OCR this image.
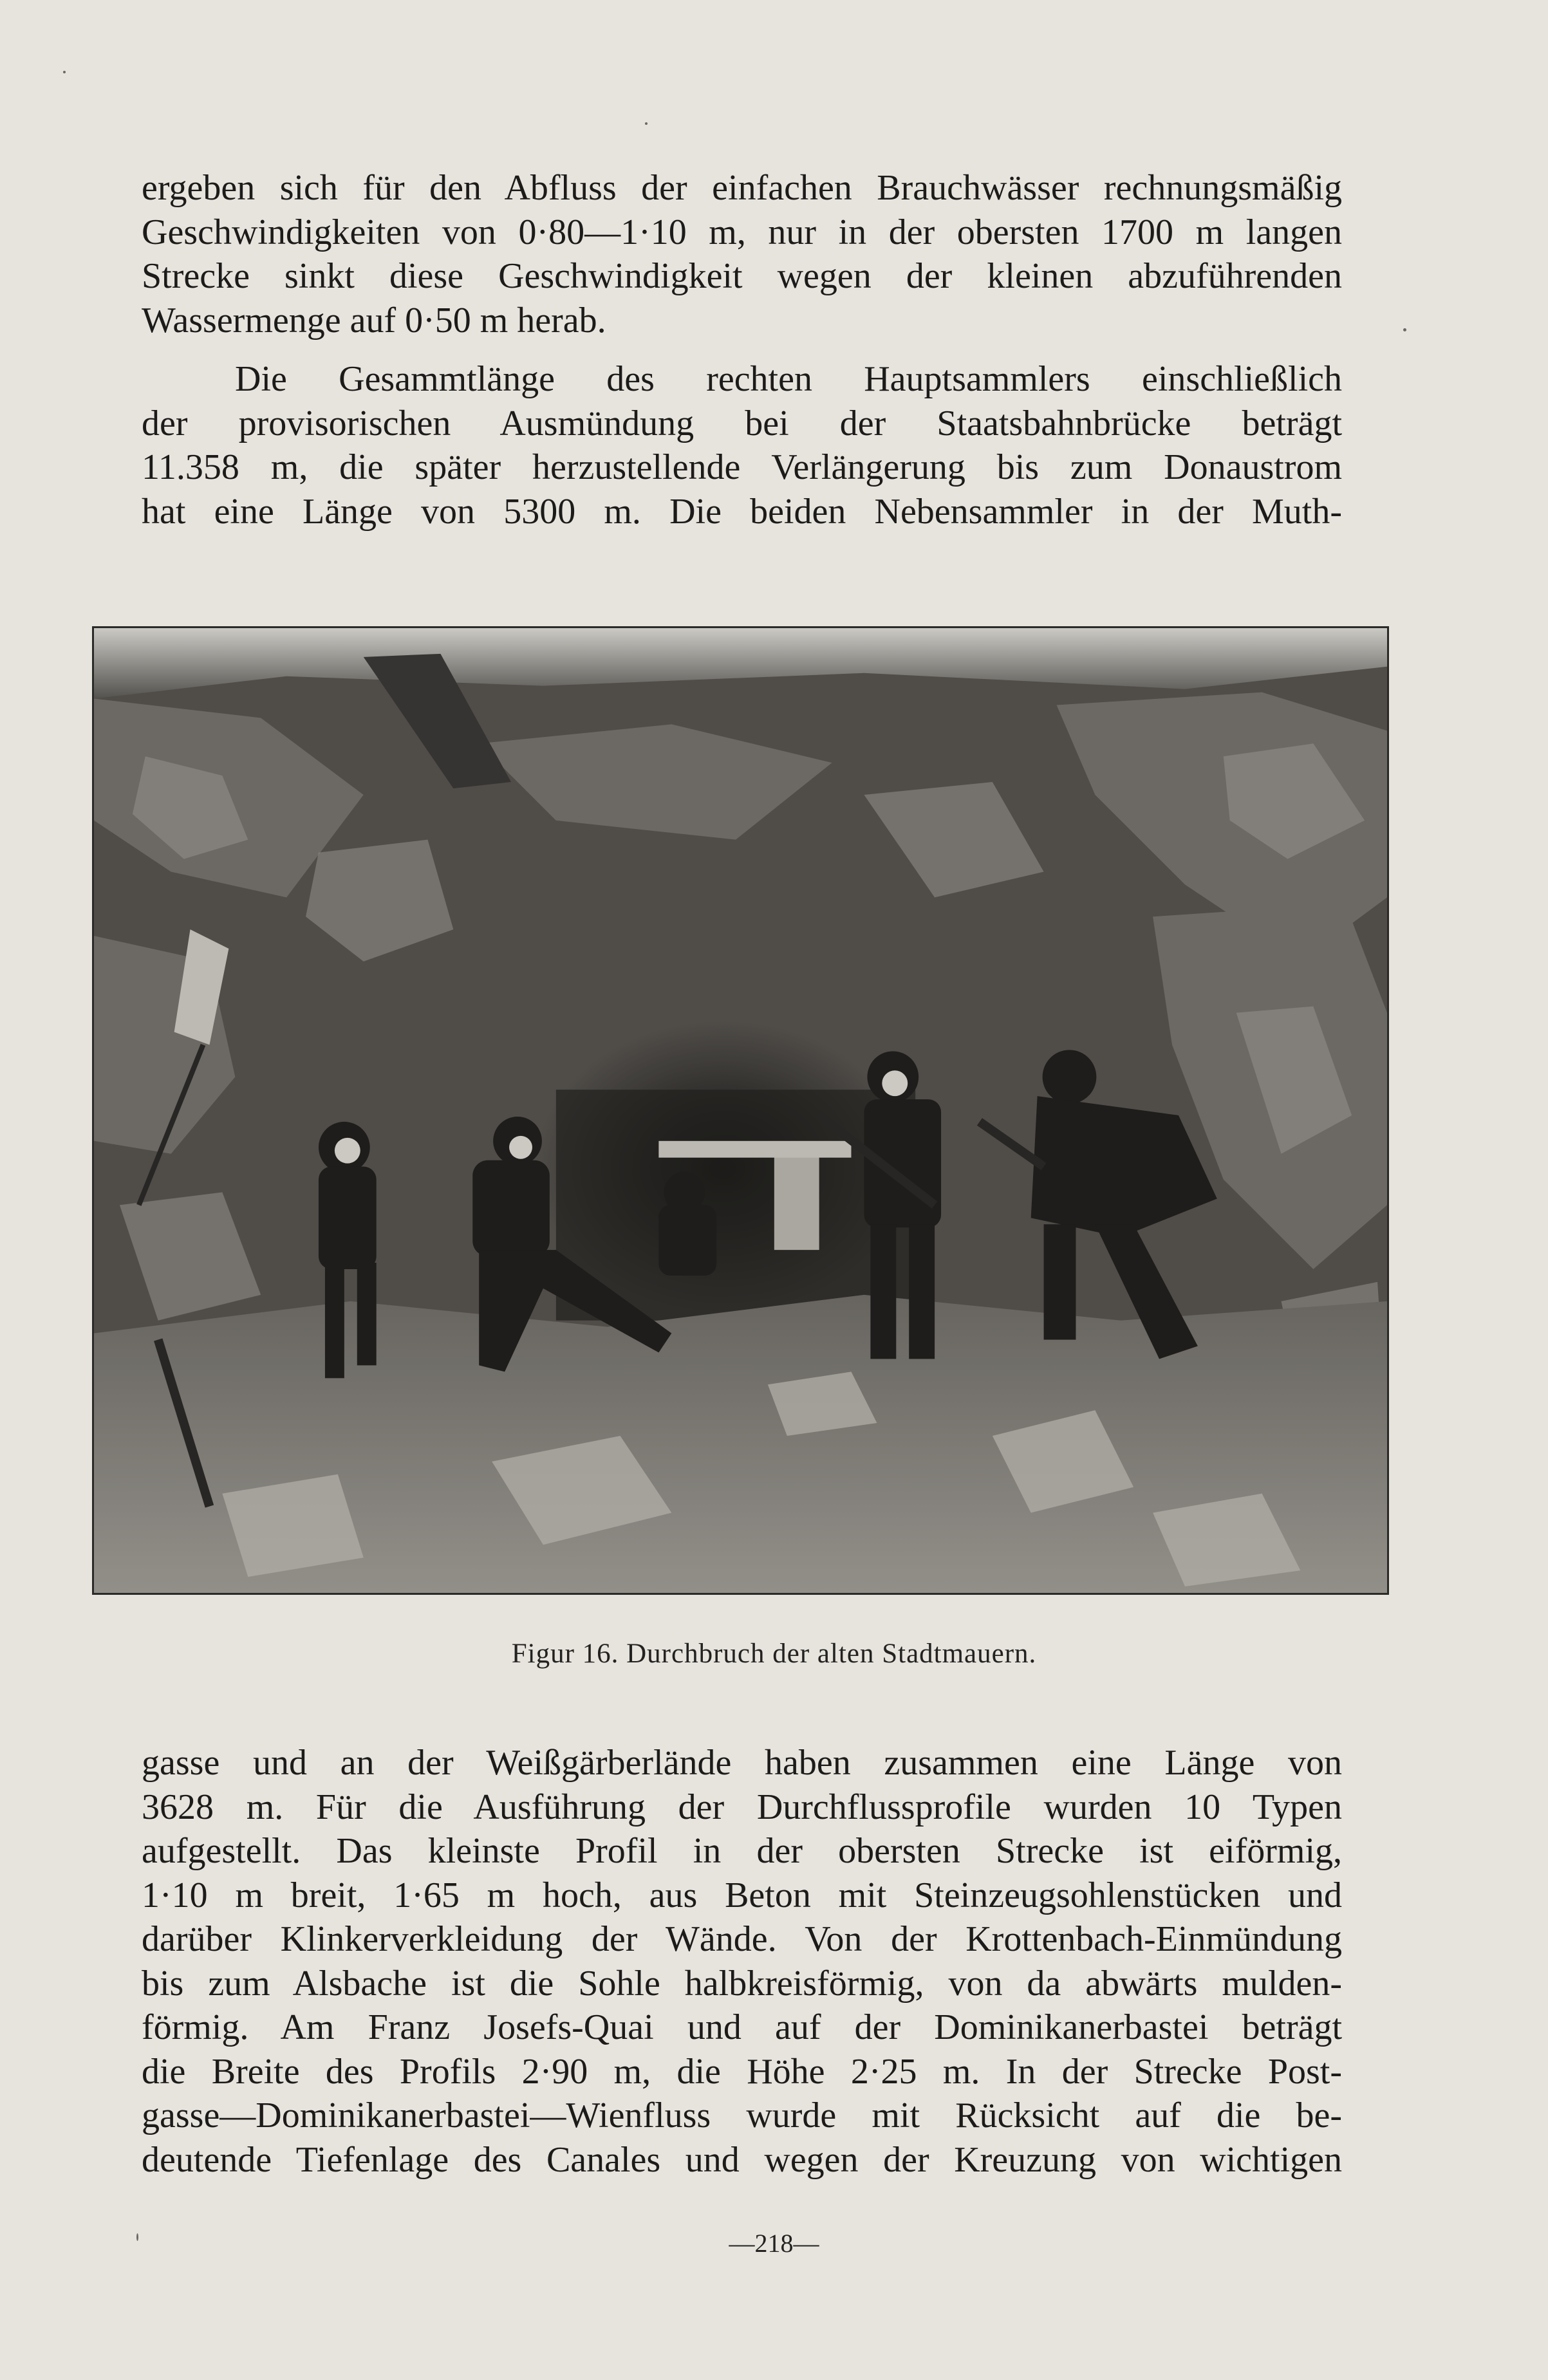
ergeben sich für den Abfluss der einfachen Brauchwässer rechnungsmäßig
Geschwindigkeiten von 0·80—1·10 m, nur in der obersten 1700 m langen
Strecke sinkt diese Geschwindigkeit wegen der kleinen abzuführenden
Wassermenge auf 0·50 m herab.
Die Gesammtlänge des rechten Hauptsammlers einschließlich
der provisorischen Ausmündung bei der Staatsbahnbrücke beträgt
11.358 m, die später herzustellende Verlängerung bis zum Donaustrom
hat eine Länge von 5300 m. Die beiden Nebensammler in der Muth-
Figur 16. Durchbruch der alten Stadtmauern.
gasse und an der Weißgärberlände haben zusammen eine Länge von
3628 m. Für die Ausführung der Durchflussprofile wurden 10 Typen
aufgestellt. Das kleinste Profil in der obersten Strecke ist eiförmig,
1·10 m breit, 1·65 m hoch, aus Beton mit Steinzeugsohlenstücken und
darüber Klinkerverkleidung der Wände. Von der Krottenbach-Einmündung
bis zum Alsbache ist die Sohle halbkreisförmig, von da abwärts mulden-
förmig. Am Franz Josefs-Quai und auf der Dominikanerbastei beträgt
die Breite des Profils 2·90 m, die Höhe 2·25 m. In der Strecke Post-
gasse—Dominikanerbastei—Wienfluss wurde mit Rücksicht auf die be-
deutende Tiefenlage des Canales und wegen der Kreuzung von wichtigen
—218—
